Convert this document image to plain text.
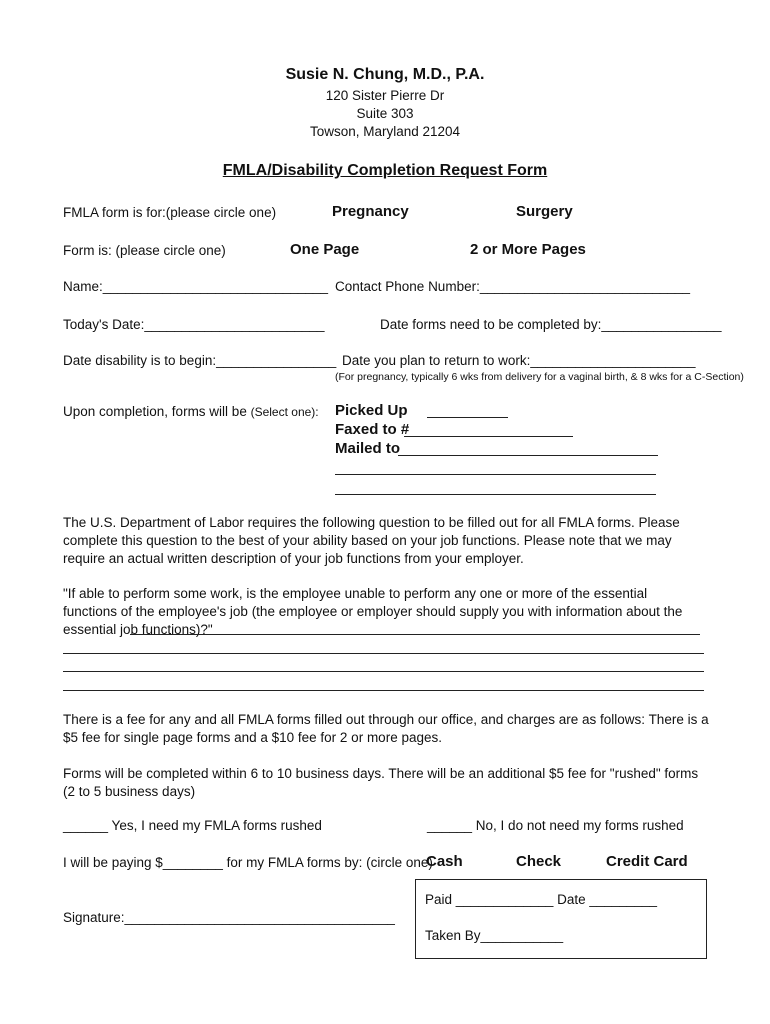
Susie N. Chung, M.D., P.A.
120 Sister Pierre Dr
Suite 303
Towson, Maryland 21204
FMLA/Disability Completion Request Form
FMLA form is for:(please circle one)	Pregnancy	Surgery
Form is: (please circle one)	One Page	2 or More Pages
Name:______________________________ Contact Phone Number:____________________________
Today's Date:________________________	Date forms need to be completed by:________________
Date disability is to begin:________________ Date you plan to return to work:______________________
(For pregnancy, typically 6 wks from delivery for a vaginal birth, & 8 wks for a C-Section)
Upon completion, forms will be (Select one): Picked Up
Faxed to #
Mailed to
The U.S. Department of Labor requires the following question to be filled out for all FMLA forms. Please complete this question to the best of your ability based on your job functions. Please note that we may require an actual written description of your job functions from your employer.
"If able to perform some work, is the employee unable to perform any one or more of the essential functions of the employee's job (the employee or employer should supply you with information about the essential job functions)?"
There is a fee for any and all FMLA forms filled out through our office, and charges are as follows: There is a $5 fee for single page forms and a $10 fee for 2 or more pages.
Forms will be completed within 6 to 10 business days. There will be an additional $5 fee for "rushed" forms (2 to 5 business days)
______ Yes, I need my FMLA forms rushed	______ No, I do not need my forms rushed
I will be paying $________ for my FMLA forms by: (circle one)
Cash	Check	Credit Card
Signature:____________________________________
Paid _____________ Date _________
Taken By___________
